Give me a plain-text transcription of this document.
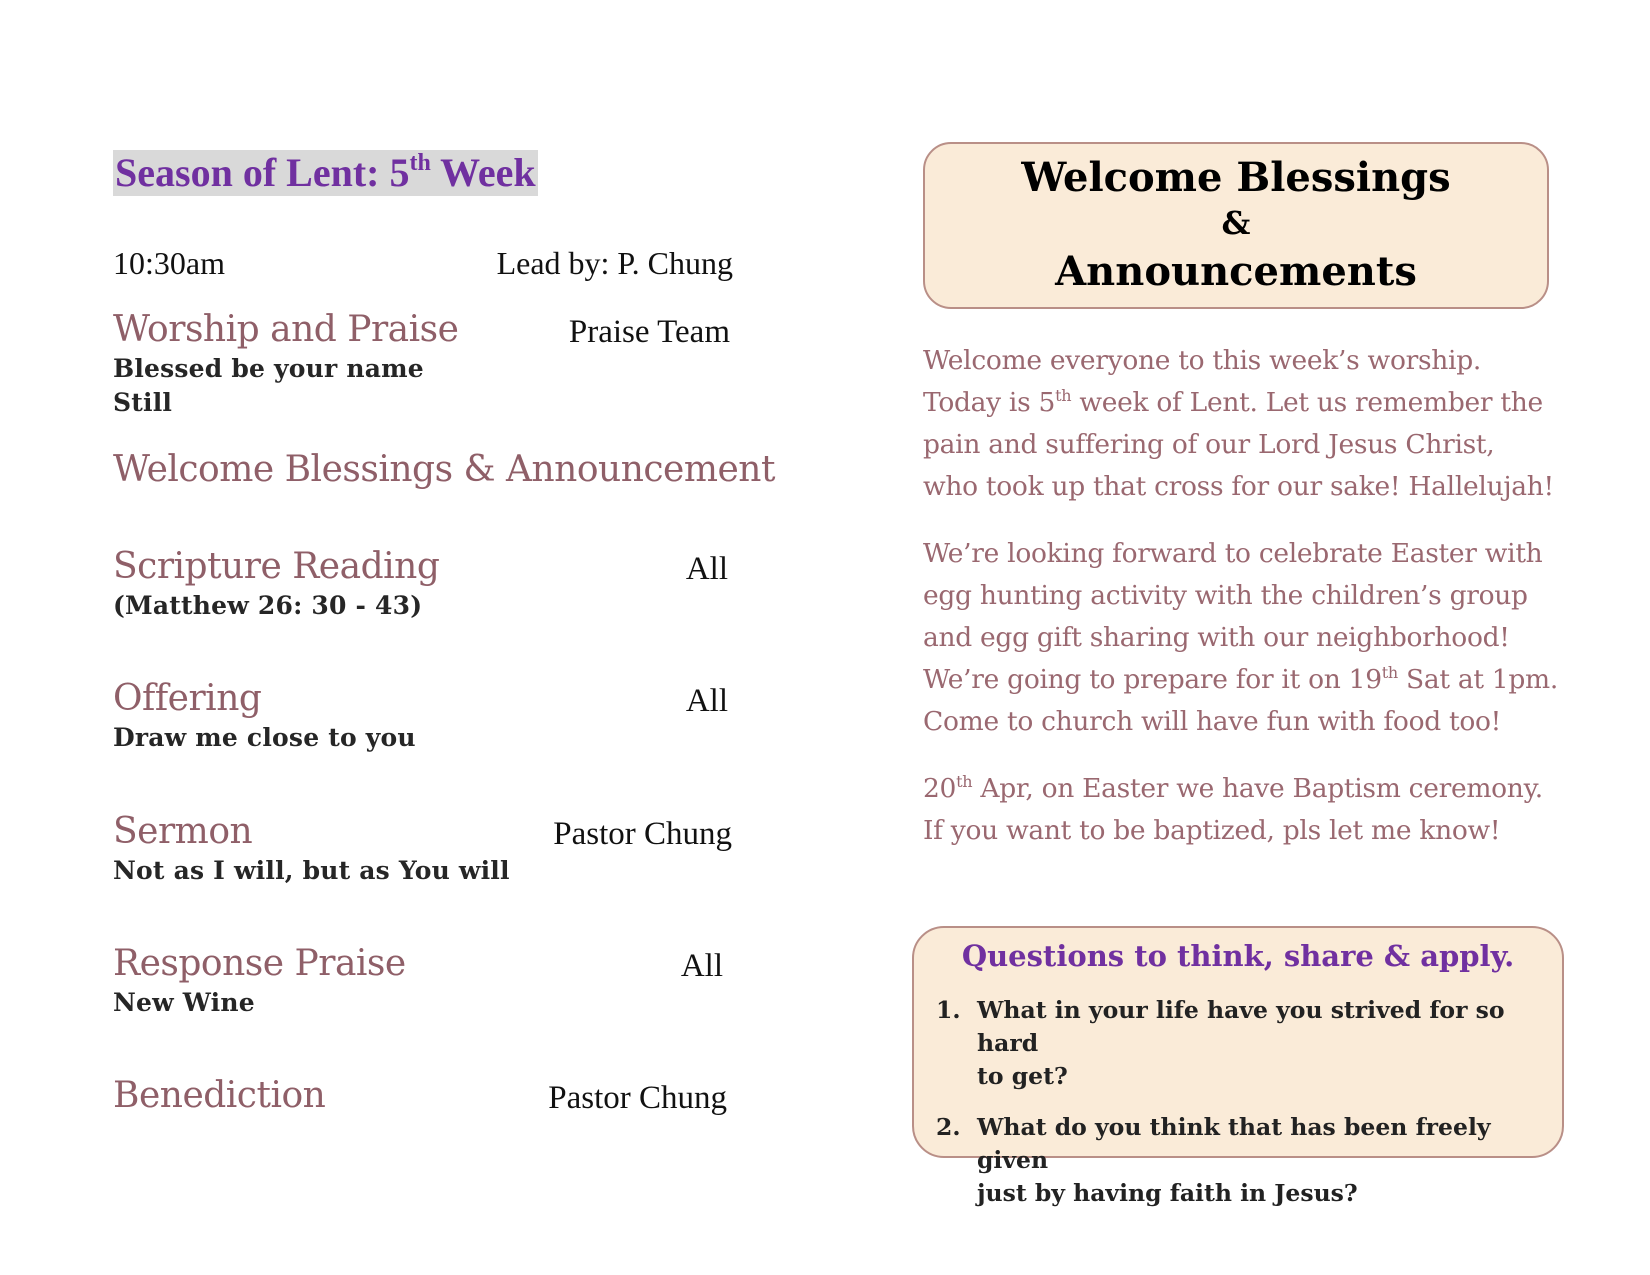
Season of Lent: 5th Week
10:30am	Lead by: P. Chung
Worship and Praise	Praise Team
Blessed be your name
Still
Welcome Blessings & Announcement
Scripture Reading	All
(Matthew 26: 30 - 43)
Offering	All
Draw me close to you
Sermon	Pastor Chung
Not as I will, but as You will
Response Praise	All
New Wine
Benediction	Pastor Chung
Welcome Blessings
&
Announcements
Welcome everyone to this week’s worship.
Today is 5th week of Lent. Let us remember the
pain and suffering of our Lord Jesus Christ,
who took up that cross for our sake! Hallelujah!
We’re looking forward to celebrate Easter with
egg hunting activity with the children’s group
and egg gift sharing with our neighborhood!
We’re going to prepare for it on 19th Sat at 1pm.
Come to church will have fun with food too!
20th Apr, on Easter we have Baptism ceremony.
If you want to be baptized, pls let me know!
Questions to think, share & apply.
1. What in your life have you strived for so hard
to get?
2. What do you think that has been freely given
just by having faith in Jesus?
